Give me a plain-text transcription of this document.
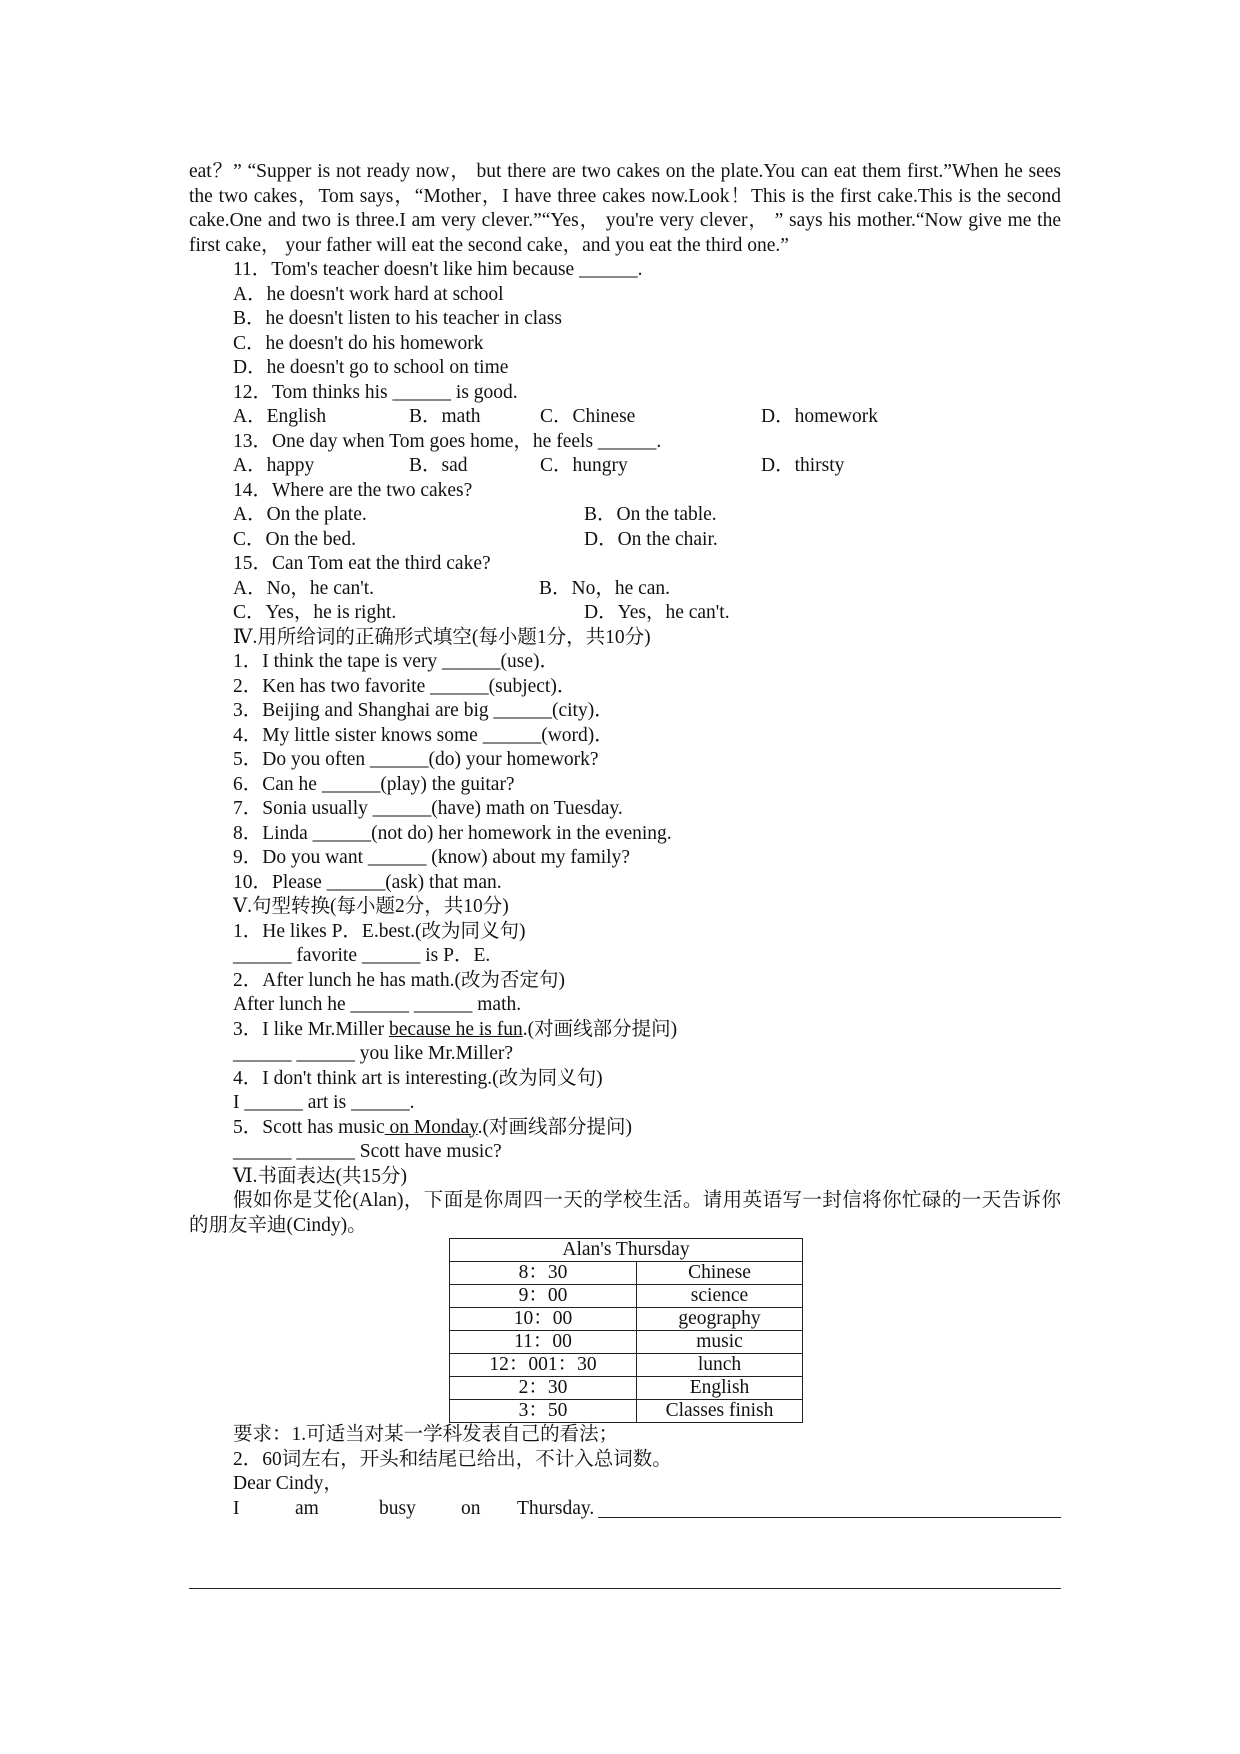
eat？” “Supper is not ready now， but there are two cakes on the plate.You can eat them first.”When he sees the two cakes，Tom says，“Mother，I have three cakes now.Look！This is the first cake.This is the second cake.One and two is three.I am very clever.”“Yes， you're very clever， ” says his mother.“Now give me the first cake， your father will eat the second cake，and you eat the third one.”

11．Tom's teacher doesn't like him because ______.
A．he doesn't work hard at school
B．he doesn't listen to his teacher in class
C．he doesn't do his homework
D．he doesn't go to school on time
12．Tom thinks his ______ is good.
A．English	B．math	C．Chinese	D．homework
13．One day when Tom goes home，he feels ______.
A．happy	B．sad	C．hungry	D．thirsty
14．Where are the two cakes?
A．On the plate.	B．On the table.
C．On the bed.	D．On the chair.
15．Can Tom eat the third cake?
A．No，he can't.	B．No，he can.
C．Yes，he is right.	D．Yes，he can't.
Ⅳ.用所给词的正确形式填空(每小题1分，共10分)
1．I think the tape is very ______(use)．
2．Ken has two favorite ______(subject)．
3．Beijing and Shanghai are big ______(city)．
4．My little sister knows some ______(word)．
5．Do you often ______(do) your homework?
6．Can he ______(play) the guitar?
7．Sonia usually ______(have) math on Tuesday.
8．Linda ______(not do) her homework in the evening.
9．Do you want ______ (know) about my family?
10．Please ______(ask) that man.
Ⅴ.句型转换(每小题2分，共10分)
1．He likes P．E.best.(改为同义句)
______ favorite ______ is P．E.
2．After lunch he has math.(改为否定句)
After lunch he ______ ______ math.
3．I like Mr.Miller because he is fun.(对画线部分提问)
______ ______ you like Mr.Miller?
4．I don't think art is interesting.(改为同义句)
I ______ art is ______.
5．Scott has music on Monday.(对画线部分提问)
______ ______ Scott have music?
Ⅵ.书面表达(共15分)

假如你是艾伦(Alan)，下面是你周四一天的学校生活。请用英语写一封信将你忙碌的一天告诉你的朋友辛迪(Cindy)。

Alan's Thursday	
8：30	Chinese
9：00	science
10：00	geography
11：00	music
12：001：30	lunch
2：30	English
3：50	Classes finish
要求：1.可适当对某一学科发表自己的看法；
2．60词左右，开头和结尾已给出，不计入总词数。
Dear Cindy，
I	am	busy	on	Thursday.
